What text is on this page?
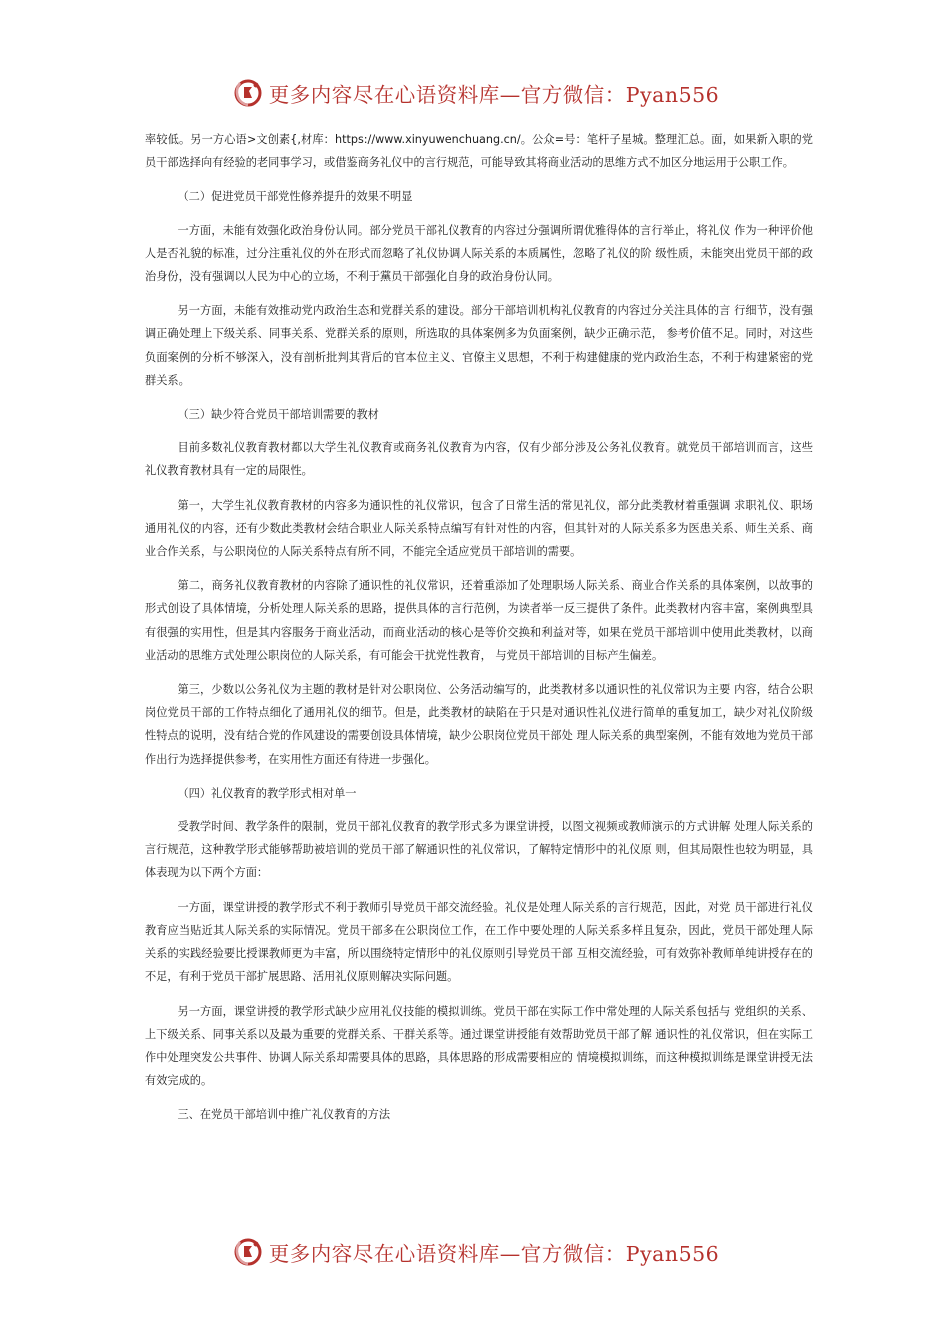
更多内容尽在心语资料库—官方微信：Pyan556

率较低。另一方心语>文创素{,材库：https://www.xinyuwenchuang.cn/。公众=号：笔杆子星城。整理汇总。面，如果新入职的党员干部选择向有经验的老同事学习，或借鉴商务礼仪中的言行规范，可能导致其将商业活动的思维方式不加区分地运用于公职工作。

（二）促进党员干部党性修养提升的效果不明显

一方面，未能有效强化政治身份认同。部分党员干部礼仪教育的内容过分强调所谓优雅得体的言行举止，将礼仪 作为一种评价他人是否礼貌的标准，过分注重礼仪的外在形式而忽略了礼仪协调人际关系的本质属性，忽略了礼仪的阶 级性质，未能突出党员干部的政治身份，没有强调以人民为中心的立场，不利于黨员干部强化自身的政治身份认同。

另一方面，未能有效推动党内政治生态和党群关系的建设。部分干部培训机构礼仪教育的内容过分关注具体的言 行细节，没有强调正确处理上下级关系、同事关系、党群关系的原则，所选取的具体案例多为负面案例，缺少正确示范， 参考价值不足。同时，对这些负面案例的分析不够深入，没有剖析批判其背后的官本位主义、官僚主义思想，不利于构建健康的党内政治生态，不利于构建紧密的党群关系。

（三）缺少符合党员干部培训需要的教材

目前多数礼仪教育教材都以大学生礼仪教育或商务礼仪教育为内容，仅有少部分涉及公务礼仪教育。就党员干部培训而言，这些礼仪教育教材具有一定的局限性。

第一，大学生礼仪教育教材的内容多为通识性的礼仪常识，包含了日常生活的常见礼仪，部分此类教材着重强调 求职礼仪、职场通用礼仪的内容，还有少数此类教材会结合职业人际关系特点编写有针对性的内容，但其针对的人际关系多为医患关系、师生关系、商业合作关系，与公职岗位的人际关系特点有所不同，不能完全适应党员干部培训的需要。

第二，商务礼仪教育教材的内容除了通识性的礼仪常识，还着重添加了处理职场人际关系、商业合作关系的具体案例，以故事的形式创设了具体情境，分析处理人际关系的思路，提供具体的言行范例，为读者举一反三提供了条件。此类教材内容丰富，案例典型具有很强的实用性，但是其内容服务于商业活动，而商业活动的核心是等价交换和利益对等，如果在党员干部培训中使用此类教材，以商业活动的思维方式处理公职岗位的人际关系，有可能会干扰党性教育， 与党员干部培训的目标产生偏差。

第三，少数以公务礼仪为主题的教材是针对公职岗位、公务活动编写的，此类教材多以通识性的礼仪常识为主要 内容，结合公职岗位党员干部的工作特点细化了通用礼仪的细节。但是，此类教材的缺陷在于只是对通识性礼仪进行简单的重复加工，缺少对礼仪阶级性特点的说明，没有结合党的作风建设的需要创设具体情境，缺少公职岗位党员干部处 理人际关系的典型案例，不能有效地为党员干部作出行为选择提供参考，在实用性方面还有待进一步强化。

（四）礼仪教育的教学形式相对单一

受教学时间、教学条件的限制，党员干部礼仪教育的教学形式多为课堂讲授，以图文视频或教师演示的方式讲解 处理人际关系的言行规范，这种教学形式能够帮助被培训的党员干部了解通识性的礼仪常识，了解特定情形中的礼仪原 则，但其局限性也较为明显，具体表现为以下两个方面：

一方面，课堂讲授的教学形式不利于教师引导党员干部交流经验。礼仪是处理人际关系的言行规范，因此，对党 员干部进行礼仪教育应当贴近其人际关系的实际情况。党员干部多在公职岗位工作，在工作中要处理的人际关系多样且复杂，因此，党员干部处理人际关系的实践经验要比授课教师更为丰富，所以围绕特定情形中的礼仪原则引导党员干部 互相交流经验，可有效弥补教师单纯讲授存在的不足，有利于党员干部扩展思路、活用礼仪原则解决实际问题。

另一方面，课堂讲授的教学形式缺少应用礼仪技能的模拟训练。党员干部在实际工作中常处理的人际关系包括与 党组织的关系、上下级关系、同事关系以及最为重要的党群关系、干群关系等。通过课堂讲授能有效帮助党员干部了解 通识性的礼仪常识，但在实际工作中处理突发公共事件、协调人际关系却需要具体的思路，具体思路的形成需要相应的 情境模拟训练，而这种模拟训练是课堂讲授无法有效完成的。

三、在党员干部培训中推广礼仪教育的方法

更多内容尽在心语资料库—官方微信：Pyan556
